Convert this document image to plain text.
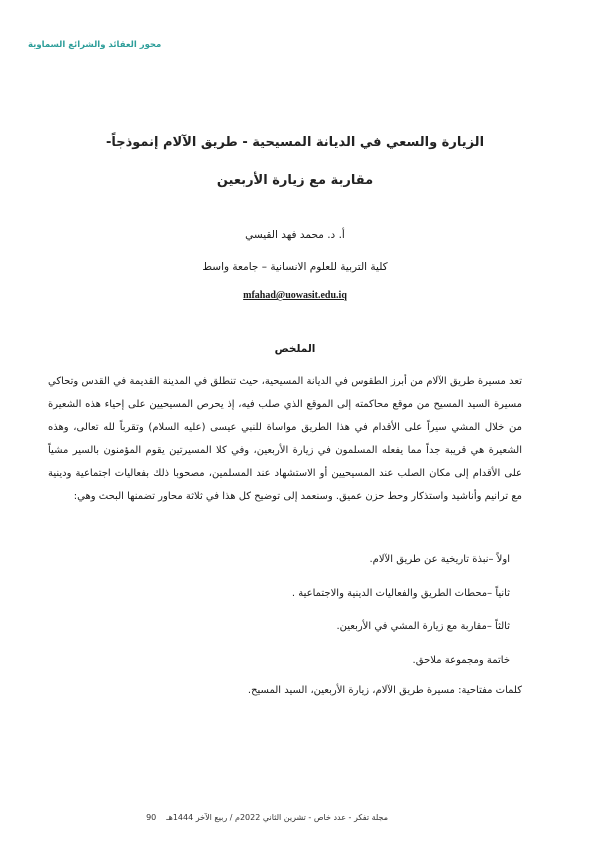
محور العقائد والشرائع السماوية
الزيارة والسعي في الديانة المسيحية - طريق الآلام إنموذجاً-
مقاربة مع زيارة الأربعين
أ. د. محمد فهد القيسي
كلية التربية للعلوم الانسانية – جامعة واسط
mfahad@uowasit.edu.iq
الملخص
تعد مسيرة طريق الآلام من أبرز الطقوس في الديانة المسيحية، حيث تنطلق في المدينة القديمة في القدس وتحاكي مسيرة السيد المسيح من موقع محاكمته إلى الموقع الذي صلب فيه، إذ يحرص المسيحيين على إحياء هذه الشعيرة من خلال المشي سيراً على الأقدام في هذا الطريق مواساة للنبي عيسى (عليه السلام) وتقرباً لله تعالى، وهذه الشعيرة هي قريبة جداً مما يفعله المسلمون في زيارة الأربعين، وفي كلا المسيرتين يقوم المؤمنون بالسير مشياً على الأقدام إلى مكان الصلب عند المسيحيين أو الاستشهاد عند المسلمين، مصحوبا ذلك بفعاليات اجتماعية ودينية مع ترانيم وأناشيد واستذكار وحط حزن عميق. وسنعمد إلى توضيح كل هذا في ثلاثة محاور تضمنها البحث وهي:
اولاً –نبذة تاريخية عن طريق الآلام.
ثانياً –محطات الطريق والفعاليات الدينية والاجتماعية .
ثالثاً –مقاربة مع زيارة المشي في الأربعين.
خاتمة ومجموعة ملاحق.
كلمات مفتاحية: مسيرة طريق الآلام، زيارة الأربعين، السيد المسيح.
مجلة تفكر - عدد خاص - تشرين الثاني 2022م / ربيع الآخر 1444هـ
90
